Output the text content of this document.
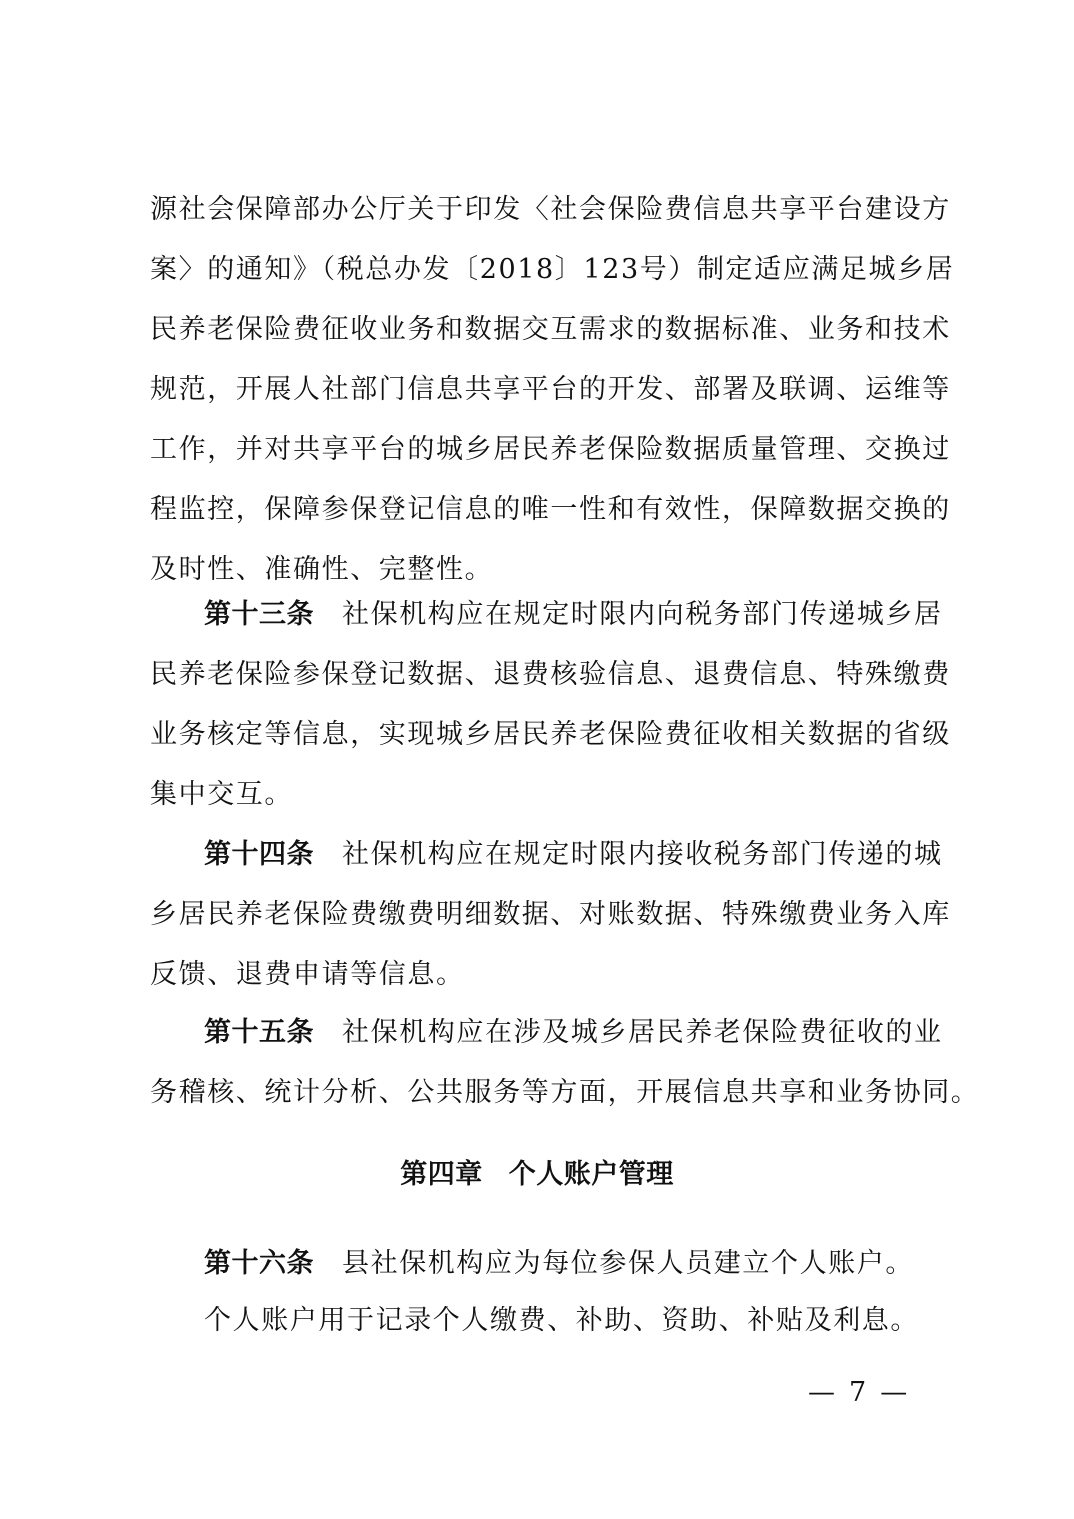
源社会保障部办公厅关于印发〈社会保险费信息共享平台建设方
案〉的通知》（税总办发〔2018〕123号）制定适应满足城乡居
民养老保险费征收业务和数据交互需求的数据标准、业务和技术
规范，开展人社部门信息共享平台的开发、部署及联调、运维等
工作，并对共享平台的城乡居民养老保险数据质量管理、交换过
程监控，保障参保登记信息的唯一性和有效性，保障数据交换的
及时性、准确性、完整性。
第十三条 社保机构应在规定时限内向税务部门传递城乡居
民养老保险参保登记数据、退费核验信息、退费信息、特殊缴费
业务核定等信息，实现城乡居民养老保险费征收相关数据的省级
集中交互。
第十四条 社保机构应在规定时限内接收税务部门传递的城
乡居民养老保险费缴费明细数据、对账数据、特殊缴费业务入库
反馈、退费申请等信息。
第十五条 社保机构应在涉及城乡居民养老保险费征收的业
务稽核、统计分析、公共服务等方面，开展信息共享和业务协同。
第四章 个人账户管理
第十六条 县社保机构应为每位参保人员建立个人账户。
个人账户用于记录个人缴费、补助、资助、补贴及利息。
— 7 —
